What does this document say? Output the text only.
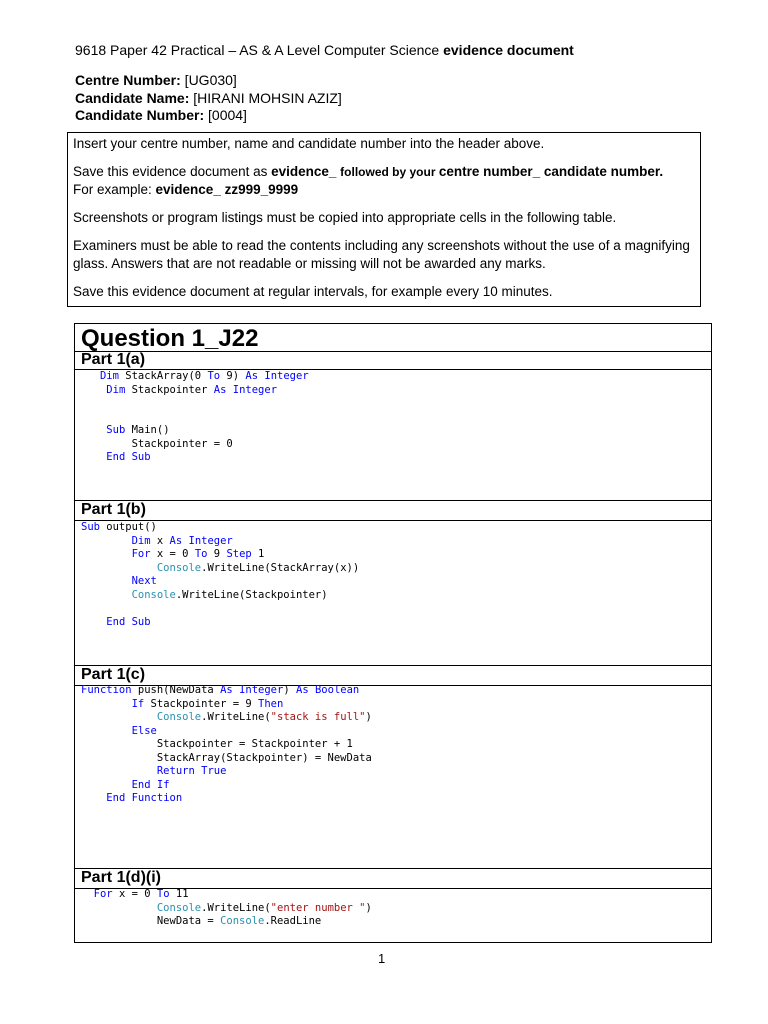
9618 Paper 42 Practical – AS & A Level Computer Science evidence document
Centre Number: [UG030]
Candidate Name: [HIRANI MOHSIN AZIZ]
Candidate Number: [0004]

Insert your centre number, name and candidate number into the header above.

Save this evidence document as evidence_ followed by your centre number_ candidate number.
For example: evidence_ zz999_9999

Screenshots or program listings must be copied into appropriate cells in the following table.

Examiners must be able to read the contents including any screenshots without the use of a magnifying glass. Answers that are not readable or missing will not be awarded any marks.

Save this evidence document at regular intervals, for example every 10 minutes.

Question 1_J22
Part 1(a)
Dim StackArray(0 To 9) As Integer
Dim Stackpointer As Integer

Sub Main()
Stackpointer = 0
End Sub
Part 1(b)
Sub output()
Dim x As Integer
For x = 0 To 9 Step 1
Console.WriteLine(StackArray(x))
Next
Console.WriteLine(Stackpointer)

End Sub
Part 1(c)
Function push(NewData As Integer) As Boolean
If Stackpointer = 9 Then
Console.WriteLine("stack is full")
Else
Stackpointer = Stackpointer + 1
StackArray(Stackpointer) = NewData
Return True
End If
End Function
Part 1(d)(i)
For x = 0 To 11
Console.WriteLine("enter number ")
NewData = Console.ReadLine
1
